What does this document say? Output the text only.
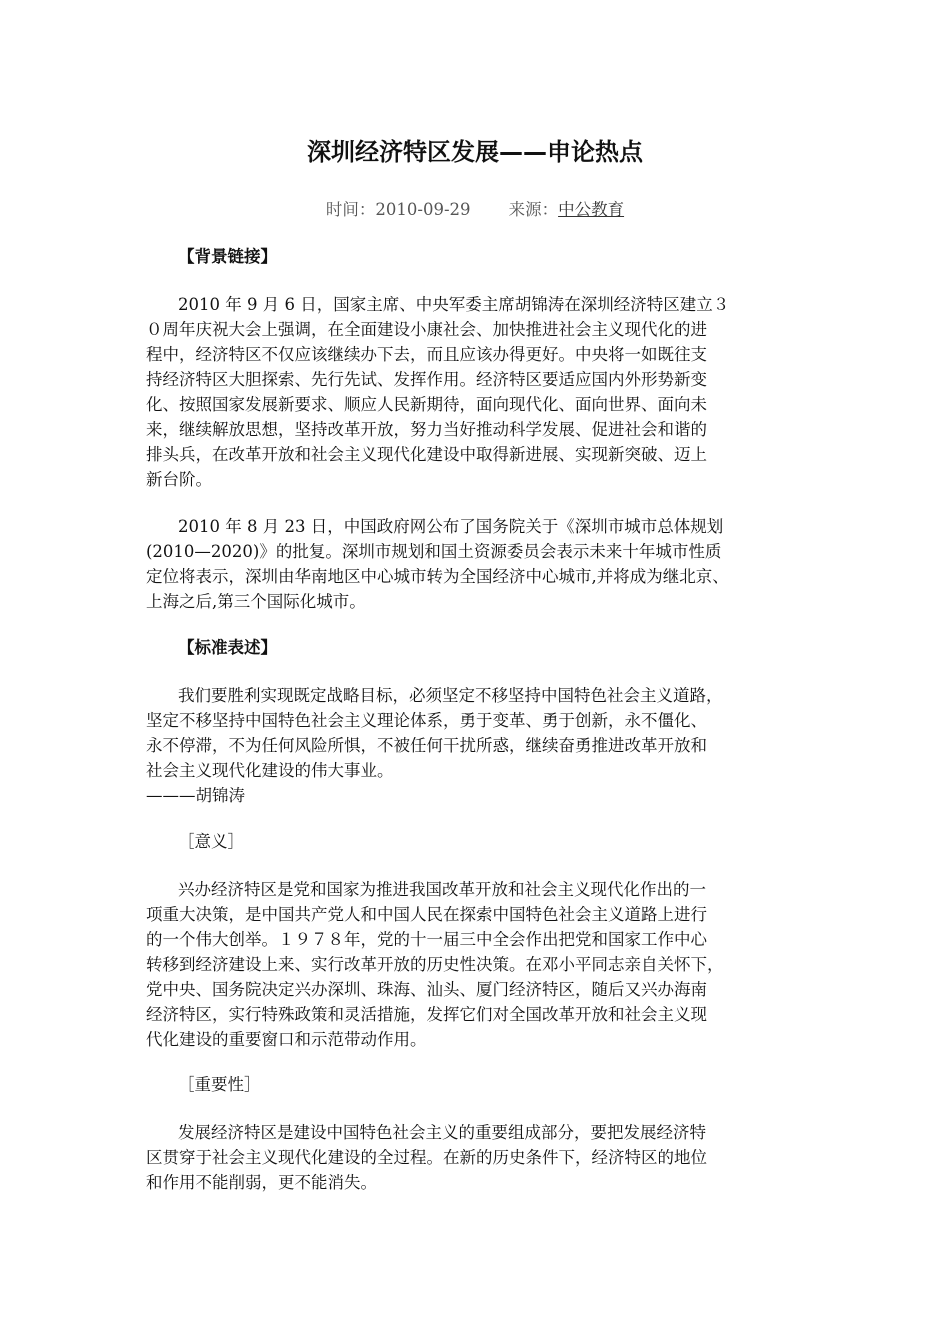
深圳经济特区发展——申论热点
时间：2010-09-29 来源：中公教育
【背景链接】
2010 年 9 月 6 日，国家主席、中央军委主席胡锦涛在深圳经济特区建立３
０周年庆祝大会上强调，在全面建设小康社会、加快推进社会主义现代化的进
程中，经济特区不仅应该继续办下去，而且应该办得更好。中央将一如既往支
持经济特区大胆探索、先行先试、发挥作用。经济特区要适应国内外形势新变
化、按照国家发展新要求、顺应人民新期待，面向现代化、面向世界、面向未
来，继续解放思想，坚持改革开放，努力当好推动科学发展、促进社会和谐的
排头兵，在改革开放和社会主义现代化建设中取得新进展、实现新突破、迈上
新台阶。
2010 年 8 月 23 日，中国政府网公布了国务院关于《深圳市城市总体规划
(2010—2020)》的批复。深圳市规划和国土资源委员会表示未来十年城市性质
定位将表示，深圳由华南地区中心城市转为全国经济中心城市,并将成为继北京、
上海之后,第三个国际化城市。
【标准表述】
我们要胜利实现既定战略目标，必须坚定不移坚持中国特色社会主义道路，
坚定不移坚持中国特色社会主义理论体系，勇于变革、勇于创新，永不僵化、
永不停滞，不为任何风险所惧，不被任何干扰所惑，继续奋勇推进改革开放和
社会主义现代化建设的伟大事业。
———胡锦涛
［意义］
兴办经济特区是党和国家为推进我国改革开放和社会主义现代化作出的一
项重大决策，是中国共产党人和中国人民在探索中国特色社会主义道路上进行
的一个伟大创举。１９７８年，党的十一届三中全会作出把党和国家工作中心
转移到经济建设上来、实行改革开放的历史性决策。在邓小平同志亲自关怀下，
党中央、国务院决定兴办深圳、珠海、汕头、厦门经济特区，随后又兴办海南
经济特区，实行特殊政策和灵活措施，发挥它们对全国改革开放和社会主义现
代化建设的重要窗口和示范带动作用。
［重要性］
发展经济特区是建设中国特色社会主义的重要组成部分，要把发展经济特
区贯穿于社会主义现代化建设的全过程。在新的历史条件下，经济特区的地位
和作用不能削弱，更不能消失。
